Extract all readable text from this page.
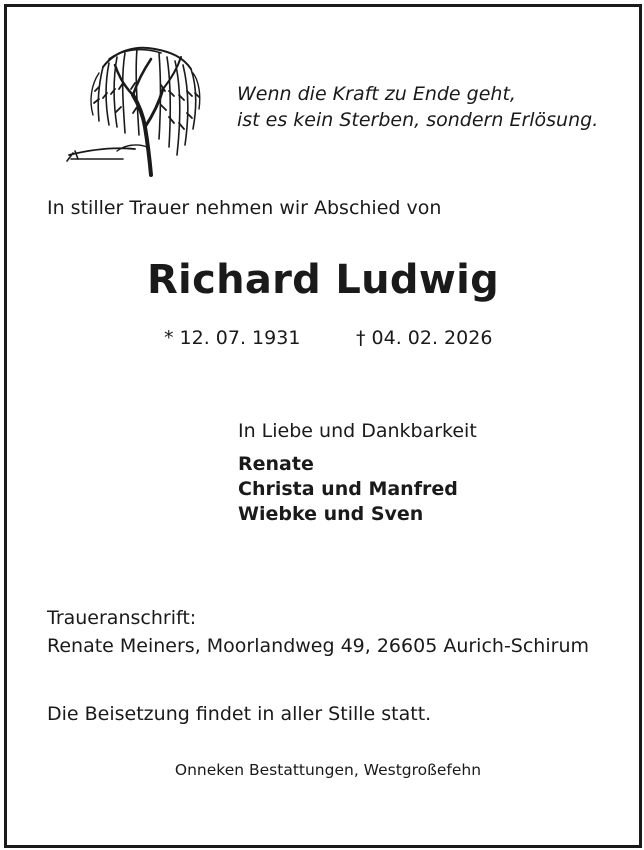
Wenn die Kraft zu Ende geht,
ist es kein Sterben, sondern Erlösung.
In stiller Trauer nehmen wir Abschied von
Richard Ludwig
* 12. 07. 1931	† 04. 02. 2026
In Liebe und Dankbarkeit
Renate
Christa und Manfred
Wiebke und Sven
Traueranschrift:
Renate Meiners, Moorlandweg 49, 26605 Aurich-Schirum
Die Beisetzung findet in aller Stille statt.
Onneken Bestattungen, Westgroßefehn
